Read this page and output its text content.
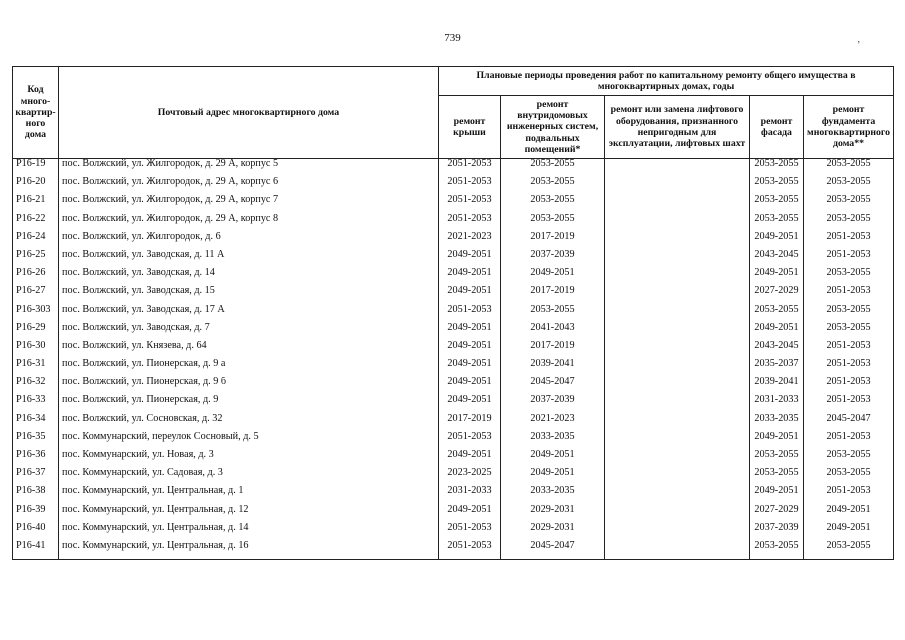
739
ʼ
Код много-квартир-ного дома	Почтовый адрес многоквартирного дома	Плановые периоды проведения работ по капитальному ремонту общего имущества в многоквартирных домах, годы				
		ремонт крыши	ремонт внутридомовых инженерных систем, подвальных помещений*	ремонт или замена лифтового оборудования, признанного непригодным для эксплуатации, лифтовых шахт	ремонт фасада	ремонт фундамента многоквартирного дома**
Р16-19	пос. Волжский, ул. Жилгородок, д. 29 А, корпус 5	2051-2053	2053-2055		2053-2055	2053-2055
Р16-20	пос. Волжский, ул. Жилгородок, д. 29 А, корпус 6	2051-2053	2053-2055		2053-2055	2053-2055
Р16-21	пос. Волжский, ул. Жилгородок, д. 29 А, корпус 7	2051-2053	2053-2055		2053-2055	2053-2055
Р16-22	пос. Волжский, ул. Жилгородок, д. 29 А, корпус 8	2051-2053	2053-2055		2053-2055	2053-2055
Р16-24	пос. Волжский, ул. Жилгородок, д. 6	2021-2023	2017-2019		2049-2051	2051-2053
Р16-25	пос. Волжский, ул. Заводская, д. 11 А	2049-2051	2037-2039		2043-2045	2051-2053
Р16-26	пос. Волжский, ул. Заводская, д. 14	2049-2051	2049-2051		2049-2051	2053-2055
Р16-27	пос. Волжский, ул. Заводская, д. 15	2049-2051	2017-2019		2027-2029	2051-2053
Р16-303	пос. Волжский, ул. Заводская, д. 17 А	2051-2053	2053-2055		2053-2055	2053-2055
Р16-29	пос. Волжский, ул. Заводская, д. 7	2049-2051	2041-2043		2049-2051	2053-2055
Р16-30	пос. Волжский, ул. Князева, д. 64	2049-2051	2017-2019		2043-2045	2051-2053
Р16-31	пос. Волжский, ул. Пионерская, д. 9 а	2049-2051	2039-2041		2035-2037	2051-2053
Р16-32	пос. Волжский, ул. Пионерская, д. 9 б	2049-2051	2045-2047		2039-2041	2051-2053
Р16-33	пос. Волжский, ул. Пионерская, д. 9	2049-2051	2037-2039		2031-2033	2051-2053
Р16-34	пос. Волжский, ул. Сосновская, д. 32	2017-2019	2021-2023		2033-2035	2045-2047
Р16-35	пос. Коммунарский, переулок Сосновый, д. 5	2051-2053	2033-2035		2049-2051	2051-2053
Р16-36	пос. Коммунарский, ул. Новая, д. 3	2049-2051	2049-2051		2053-2055	2053-2055
Р16-37	пос. Коммунарский, ул. Садовая, д. 3	2023-2025	2049-2051		2053-2055	2053-2055
Р16-38	пос. Коммунарский, ул. Центральная, д. 1	2031-2033	2033-2035		2049-2051	2051-2053
Р16-39	пос. Коммунарский, ул. Центральная, д. 12	2049-2051	2029-2031		2027-2029	2049-2051
Р16-40	пос. Коммунарский, ул. Центральная, д. 14	2051-2053	2029-2031		2037-2039	2049-2051
Р16-41	пос. Коммунарский, ул. Центральная, д. 16	2051-2053	2045-2047		2053-2055	2053-2055
